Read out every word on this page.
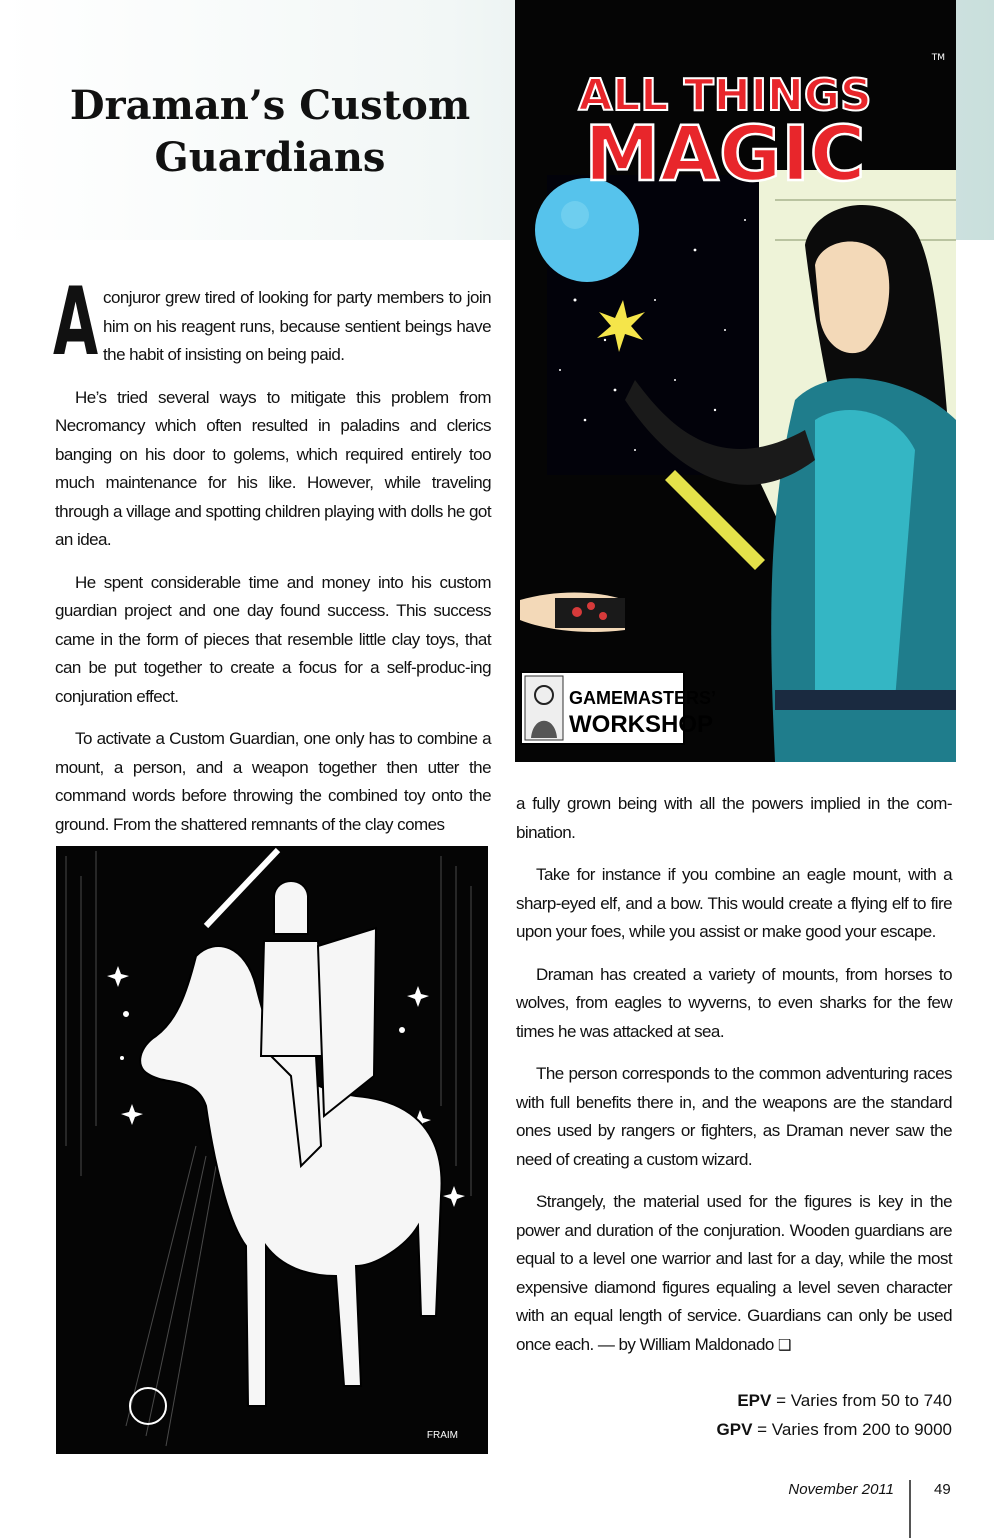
Draman’s Custom Guardians

Aconjuror grew tired of looking for party members to join him on his reagent runs, because sentient beings have the habit of insisting on being paid.

He’s tried several ways to mitigate this problem from Necromancy which often resulted in paladins and clerics banging on his door to golems, which required entirely too much maintenance for his like. However, while traveling through a village and spotting children playing with dolls he got an idea.

He spent considerable time and money into his custom guardian project and one day found success. This success came in the form of pieces that resemble little clay toys, that can be put together to create a focus for a self-produc-ing conjuration effect.

To activate a Custom Guardian, one only has to combine a mount, a person, and a weapon together then utter the command words before throwing the combined toy onto the ground. From the shattered remnants of the clay comes

ALL THINGS
MAGIC
TM
GAMEMASTERS’
WORKSHOP
FRAIM

a fully grown being with all the powers implied in the com-bination.

Take for instance if you combine an eagle mount, with a sharp-eyed elf, and a bow. This would create a flying elf to fire upon your foes, while you assist or make good your escape.

Draman has created a variety of mounts, from horses to wolves, from eagles to wyverns, to even sharks for the few times he was attacked at sea.

The person corresponds to the common adventuring races with full benefits there in, and the weapons are the standard ones used by rangers or fighters, as Draman never saw the need of creating a custom wizard.

Strangely, the material used for the figures is key in the power and duration of the conjuration. Wooden guardians are equal to a level one warrior and last for a day, while the most expensive diamond figures equaling a level seven character with an equal length of service. Guardians can only be used once each. — by William Maldonado ❑

EPV = Varies from 50 to 740
GPV = Varies from 200 to 9000
November 2011	49
